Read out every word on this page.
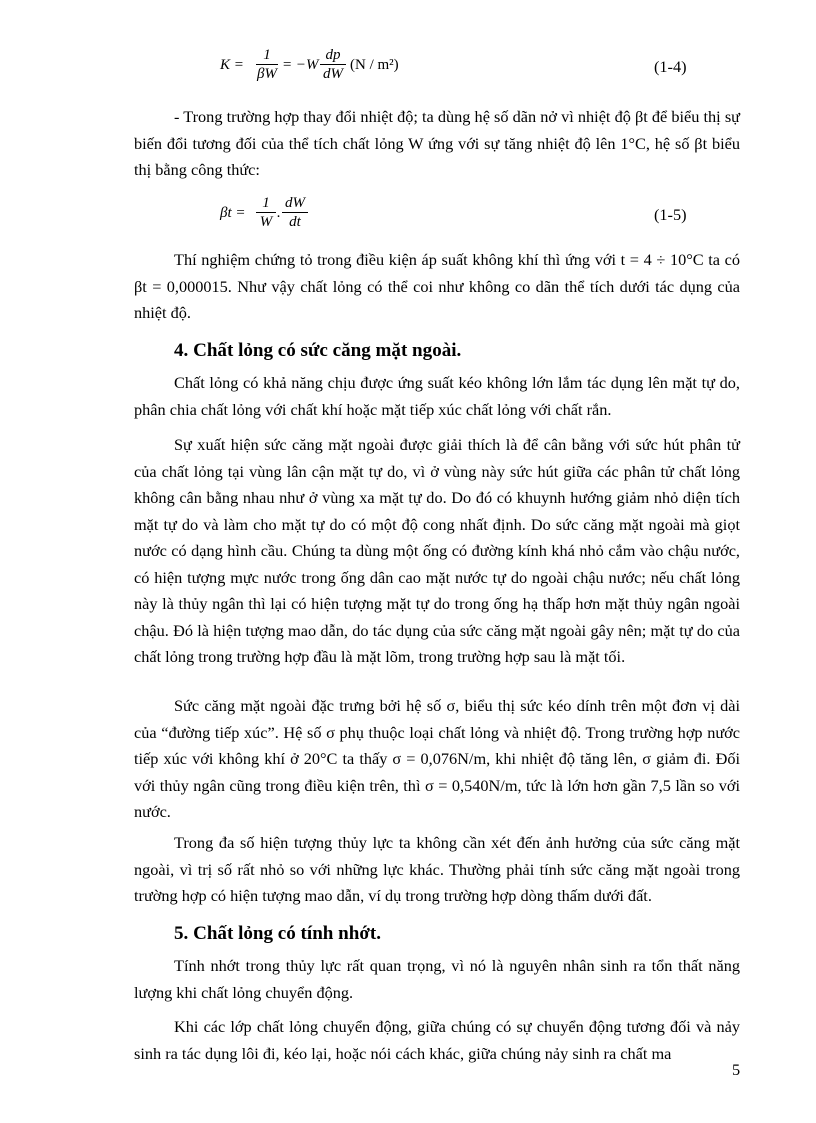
K =
1
βW
= −W
dp
dW
(N / m²)	(1-4)

- Trong trường hợp thay đổi nhiệt độ; ta dùng hệ số dãn nở vì nhiệt độ βt để biểu thị sự biến đổi tương đối của thể tích chất lỏng W ứng với sự tăng nhiệt độ lên 1°C, hệ số βt biểu thị bằng công thức:

βt =
1
W
.
dW
dt	(1-5)

Thí nghiệm chứng tỏ trong điều kiện áp suất không khí thì ứng với t = 4 ÷ 10°C ta có βt = 0,000015. Như vậy chất lỏng có thể coi như không co dãn thể tích dưới tác dụng của nhiệt độ.

4. Chất lỏng có sức căng mặt ngoài.

Chất lỏng có khả năng chịu được ứng suất kéo không lớn lắm tác dụng lên mặt tự do, phân chia chất lỏng với chất khí hoặc mặt tiếp xúc chất lỏng với chất rắn.

Sự xuất hiện sức căng mặt ngoài được giải thích là để cân bằng với sức hút phân tử của chất lỏng tại vùng lân cận mặt tự do, vì ở vùng này sức hút giữa các phân tử chất lỏng không cân bằng nhau như ở vùng xa mặt tự do. Do đó có khuynh hướng giảm nhỏ diện tích mặt tự do và làm cho mặt tự do có một độ cong nhất định. Do sức căng mặt ngoài mà giọt nước có dạng hình cầu. Chúng ta dùng một ống có đường kính khá nhỏ cắm vào chậu nước, có hiện tượng mực nước trong ống dân cao mặt nước tự do ngoài chậu nước; nếu chất lỏng này là thủy ngân thì lại có hiện tượng mặt tự do trong ống hạ thấp hơn mặt thủy ngân ngoài chậu. Đó là hiện tượng mao dẫn, do tác dụng của sức căng mặt ngoài gây nên; mặt tự do của chất lỏng trong trường hợp đầu là mặt lõm, trong trường hợp sau là mặt tối.

Sức căng mặt ngoài đặc trưng bởi hệ số σ, biểu thị sức kéo dính trên một đơn vị dài của “đường tiếp xúc”. Hệ số σ phụ thuộc loại chất lỏng và nhiệt độ. Trong trường hợp nước tiếp xúc với không khí ở 20°C ta thấy σ = 0,076N/m, khi nhiệt độ tăng lên, σ giảm đi. Đối với thủy ngân cũng trong điều kiện trên, thì σ = 0,540N/m, tức là lớn hơn gần 7,5 lần so với nước.

Trong đa số hiện tượng thủy lực ta không cần xét đến ảnh hưởng của sức căng mặt ngoài, vì trị số rất nhỏ so với những lực khác. Thường phải tính sức căng mặt ngoài trong trường hợp có hiện tượng mao dẫn, ví dụ trong trường hợp dòng thấm dưới đất.

5. Chất lỏng có tính nhớt.

Tính nhớt trong thủy lực rất quan trọng, vì nó là nguyên nhân sinh ra tổn thất năng lượng khi chất lỏng chuyển động.

Khi các lớp chất lỏng chuyển động, giữa chúng có sự chuyển động tương đối và nảy sinh ra tác dụng lôi đi, kéo lại, hoặc nói cách khác, giữa chúng nảy sinh ra chất ma

5
